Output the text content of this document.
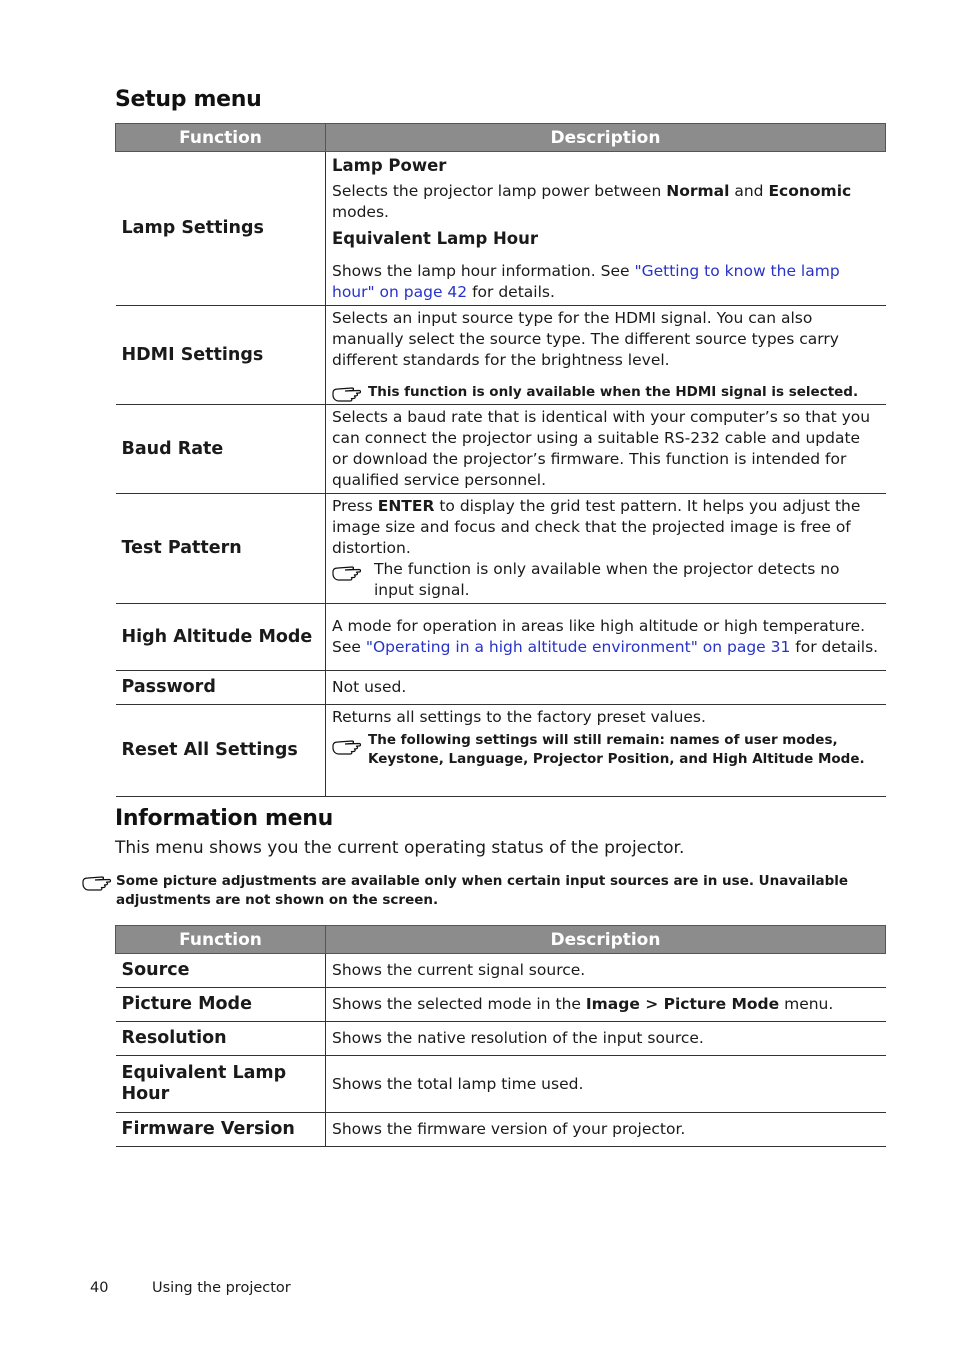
Setup menu
Function	Description
Lamp Settings	Lamp Power
Selects the projector lamp power between Normal and Economic modes.
Equivalent Lamp Hour
Shows the lamp hour information. See "Getting to know the lamp hour" on page 42 for details.

HDMI Settings	Selects an input source type for the HDMI signal. You can also manually select the source type. The different source types carry different standards for the brightness level.
This function is only available when the HDMI signal is selected.

Baud Rate	Selects a baud rate that is identical with your computer’s so that you can connect the projector using a suitable RS-232 cable and update or download the projector’s firmware. This function is intended for qualified service personnel.
Test Pattern	Press ENTER to display the grid test pattern. It helps you adjust the image size and focus and check that the projected image is free of distortion.
The function is only available when the projector detects no input signal.

High Altitude Mode	A mode for operation in areas like high altitude or high temperature. See "Operating in a high altitude environment" on page 31 for details.
Password	Not used.
Reset All Settings	Returns all settings to the factory preset values.
The following settings will still remain: names of user modes, Keystone, Language, Projector Position, and High Altitude Mode.
Information menu

This menu shows you the current operating status of the projector.

Some picture adjustments are available only when certain input sources are in use. Unavailable adjustments are not shown on the screen.
Function	Description
Source	Shows the current signal source.
Picture Mode	Shows the selected mode in the Image > Picture Mode menu.
Resolution	Shows the native resolution of the input source.
Equivalent Lamp Hour	Shows the total lamp time used.
Firmware Version	Shows the firmware version of your projector.
40	Using the projector
